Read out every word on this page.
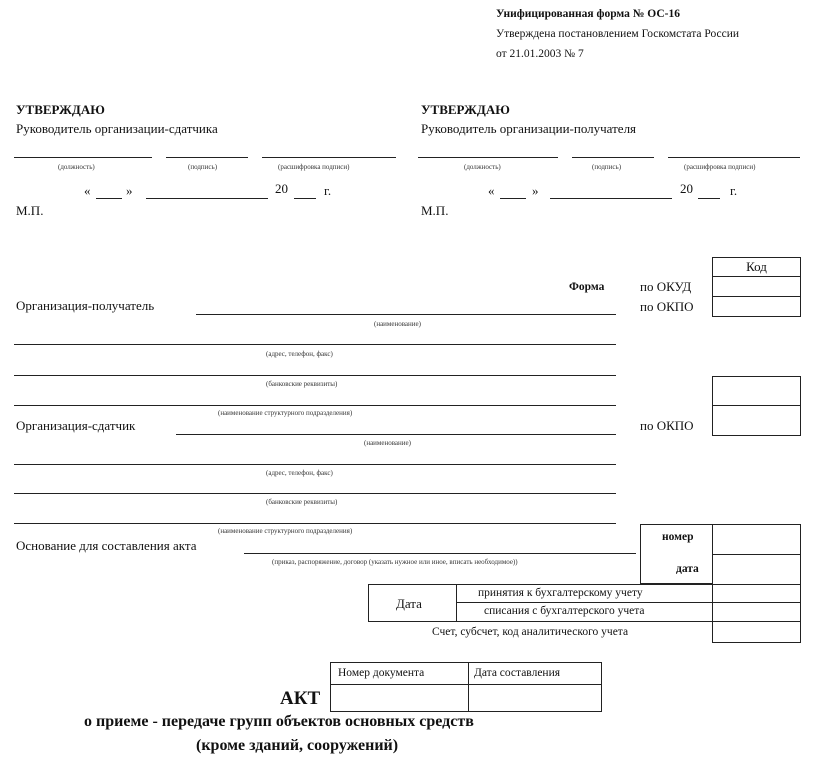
Унифицированная форма № ОС-16
Утверждена постановлением Госкомстата России
от 21.01.2003 № 7
УТВЕРЖДАЮ
Руководитель организации-сдатчика
(должность)	(подпись)	(расшифровка подписи)
«	»	20	г.
М.П.
УТВЕРЖДАЮ
Руководитель организации-получателя
(должность)	(подпись)	(расшифровка подписи)
«	»	20	г.
М.П.
Код
Форма	по ОКУД
по ОКПО
Организация-получатель
(наименование)
(адрес, телефон, факс)
(банковские реквизиты)
(наименование структурного подразделения)
по ОКПО
Организация-сдатчик
(наименование)
(адрес, телефон, факс)
(банковские реквизиты)
(наименование структурного подразделения)
Основание для составления акта
(приказ, распоряжение, договор (указать нужное или иное, вписать необходимое))
номер
дата
Дата
принятия к бухгалтерскому учету
списания с бухгалтерского учета
Счет, субсчет, код аналитического учета
Номер документа	Дата составления
АКТ
о приеме - передаче групп объектов основных средств
(кроме зданий, сооружений)
